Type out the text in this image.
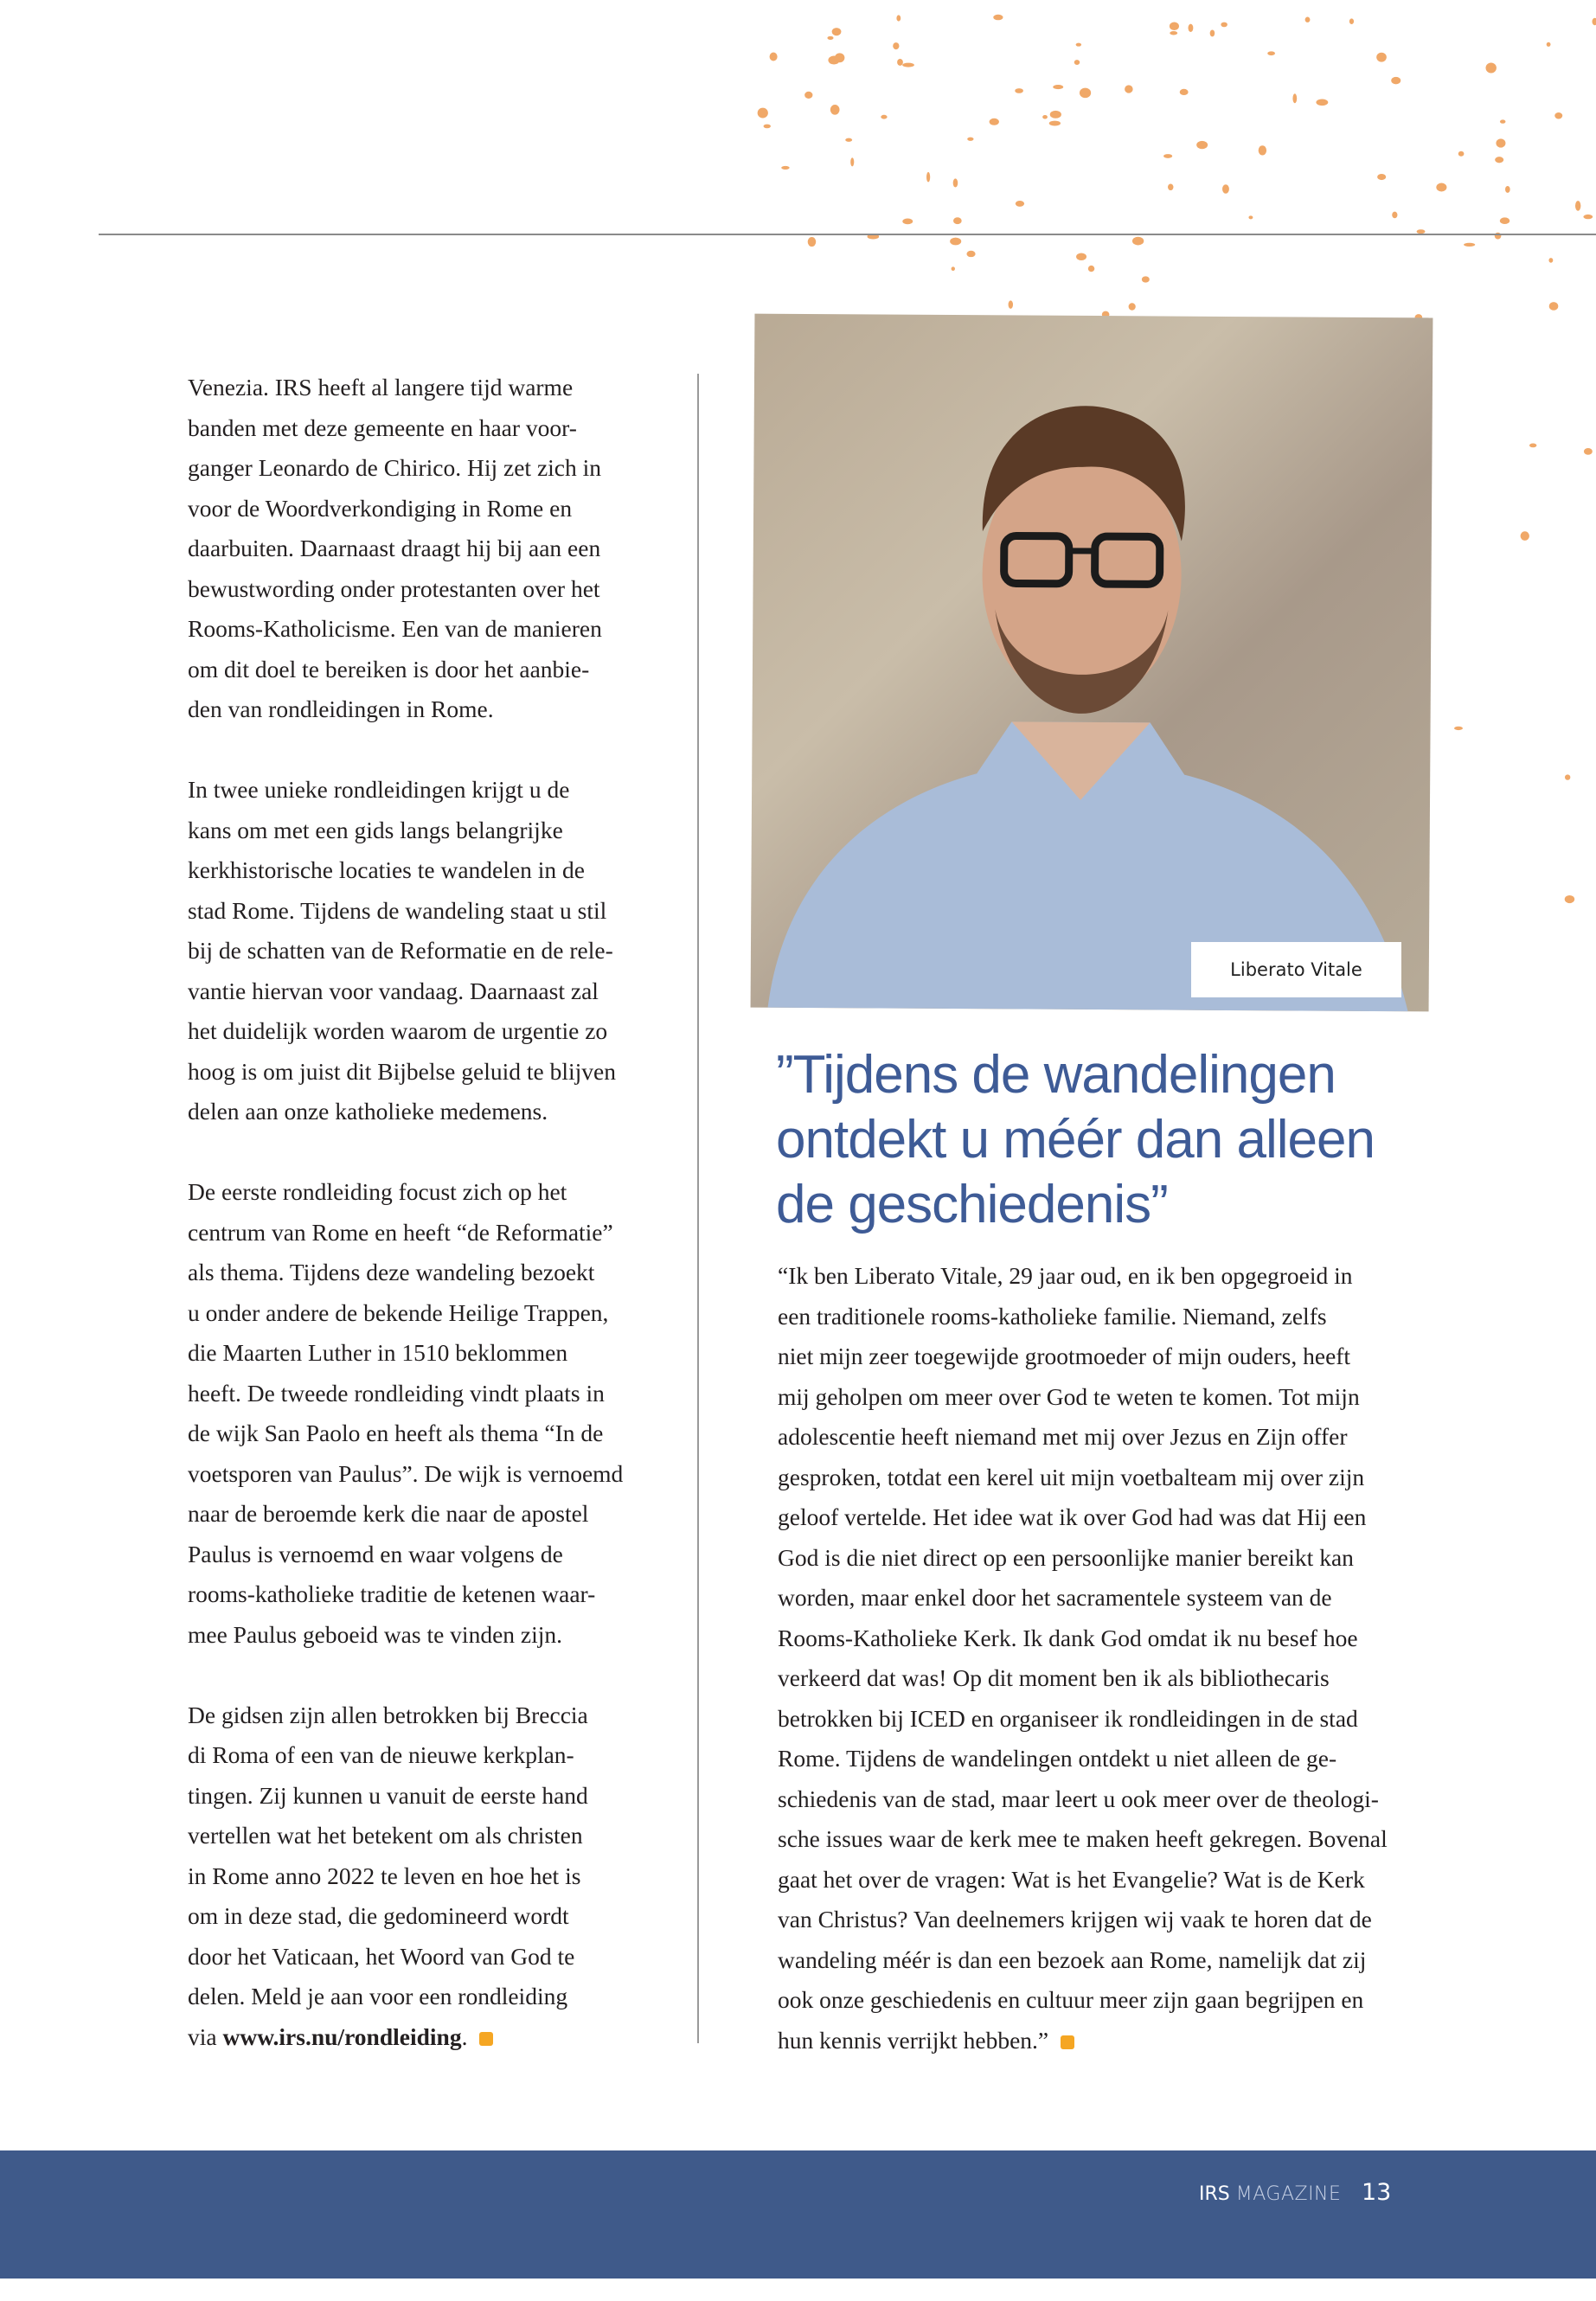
Venezia. IRS heeft al langere tijd warme
banden met deze gemeente en haar voor-
ganger Leonardo de Chirico. Hij zet zich in
voor de Woordverkondiging in Rome en
daarbuiten. Daarnaast draagt hij bij aan een
bewustwording onder protestanten over het
Rooms-Katholicisme. Een van de manieren
om dit doel te bereiken is door het aanbie-
den van rondleidingen in Rome.
In twee unieke rondleidingen krijgt u de
kans om met een gids langs belangrijke
kerkhistorische locaties te wandelen in de
stad Rome. Tijdens de wandeling staat u stil
bij de schatten van de Reformatie en de rele-
vantie hiervan voor vandaag. Daarnaast zal
het duidelijk worden waarom de urgentie zo
hoog is om juist dit Bijbelse geluid te blijven
delen aan onze katholieke medemens.
De eerste rondleiding focust zich op het
centrum van Rome en heeft “de Reformatie”
als thema. Tijdens deze wandeling bezoekt
u onder andere de bekende Heilige Trappen,
die Maarten Luther in 1510 beklommen
heeft. De tweede rondleiding vindt plaats in
de wijk San Paolo en heeft als thema “In de
voetsporen van Paulus”. De wijk is vernoemd
naar de beroemde kerk die naar de apostel
Paulus is vernoemd en waar volgens de
rooms-katholieke traditie de ketenen waar-
mee Paulus geboeid was te vinden zijn.
De gidsen zijn allen betrokken bij Breccia
di Roma of een van de nieuwe kerkplan-
tingen. Zij kunnen u vanuit de eerste hand
vertellen wat het betekent om als christen
in Rome anno 2022 te leven en hoe het is
om in deze stad, die gedomineerd wordt
door het Vaticaan, het Woord van God te
delen. Meld je aan voor een rondleiding
via www.irs.nu/rondleiding.
Liberato Vitale
”Tijdens de wandelingen
ontdekt u méér dan alleen
de geschiedenis”
“Ik ben Liberato Vitale, 29 jaar oud, en ik ben opgegroeid in
een traditionele rooms-katholieke familie. Niemand, zelfs
niet mijn zeer toegewijde grootmoeder of mijn ouders, heeft
mij geholpen om meer over God te weten te komen. Tot mijn
adolescentie heeft niemand met mij over Jezus en Zijn offer
gesproken, totdat een kerel uit mijn voetbalteam mij over zijn
geloof vertelde. Het idee wat ik over God had was dat Hij een
God is die niet direct op een persoonlijke manier bereikt kan
worden, maar enkel door het sacramentele systeem van de
Rooms-Katholieke Kerk. Ik dank God omdat ik nu besef hoe
verkeerd dat was! Op dit moment ben ik als bibliothecaris
betrokken bij ICED en organiseer ik rondleidingen in de stad
Rome. Tijdens de wandelingen ontdekt u niet alleen de ge-
schiedenis van de stad, maar leert u ook meer over de theologi-
sche issues waar de kerk mee te maken heeft gekregen. Bovenal
gaat het over de vragen: Wat is het Evangelie? Wat is de Kerk
van Christus? Van deelnemers krijgen wij vaak te horen dat de
wandeling méér is dan een bezoek aan Rome, namelijk dat zij
ook onze geschiedenis en cultuur meer zijn gaan begrijpen en
hun kennis verrijkt hebben.”
IRS MAGAZINE 13
